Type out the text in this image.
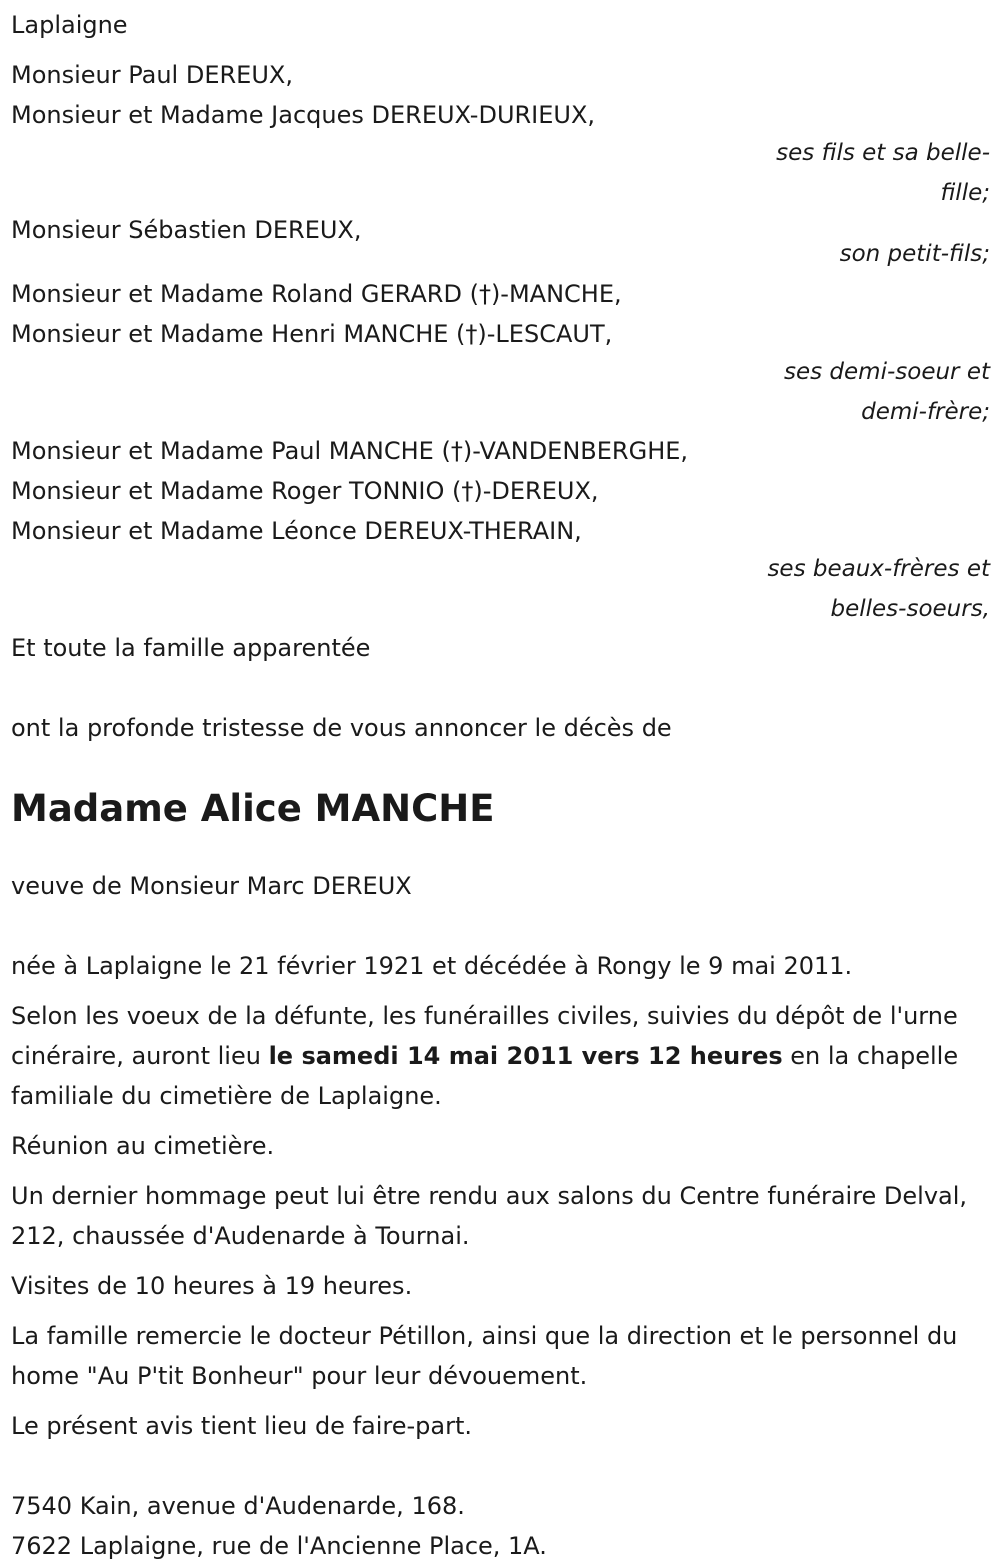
Laplaigne
Monsieur Paul DEREUX,
Monsieur et Madame Jacques DEREUX-DURIEUX,
ses fils et sa belle-
fille;
Monsieur Sébastien DEREUX,
son petit-fils;
Monsieur et Madame Roland GERARD (†)-MANCHE,
Monsieur et Madame Henri MANCHE (†)-LESCAUT,
ses demi-soeur et
demi-frère;
Monsieur et Madame Paul MANCHE (†)-VANDENBERGHE,
Monsieur et Madame Roger TONNIO (†)-DEREUX,
Monsieur et Madame Léonce DEREUX-THERAIN,
ses beaux-frères et
belles-soeurs,
Et toute la famille apparentée
ont la profonde tristesse de vous annoncer le décès de
Madame Alice MANCHE
veuve de Monsieur Marc DEREUX
née à Laplaigne le 21 février 1921 et décédée à Rongy le 9 mai 2011.

Selon les voeux de la défunte, les funérailles civiles, suivies du dépôt de l'urne cinéraire, auront lieu le samedi 14 mai 2011 vers 12 heures en la chapelle familiale du cimetière de Laplaigne.

Réunion au cimetière.

Un dernier hommage peut lui être rendu aux salons du Centre funéraire Delval, 212, chaussée d'Audenarde à Tournai.

Visites de 10 heures à 19 heures.

La famille remercie le docteur Pétillon, ainsi que la direction et le personnel du home "Au P'tit Bonheur" pour leur dévouement.

Le présent avis tient lieu de faire-part.

7540 Kain, avenue d'Audenarde, 168.
7622 Laplaigne, rue de l'Ancienne Place, 1A.
